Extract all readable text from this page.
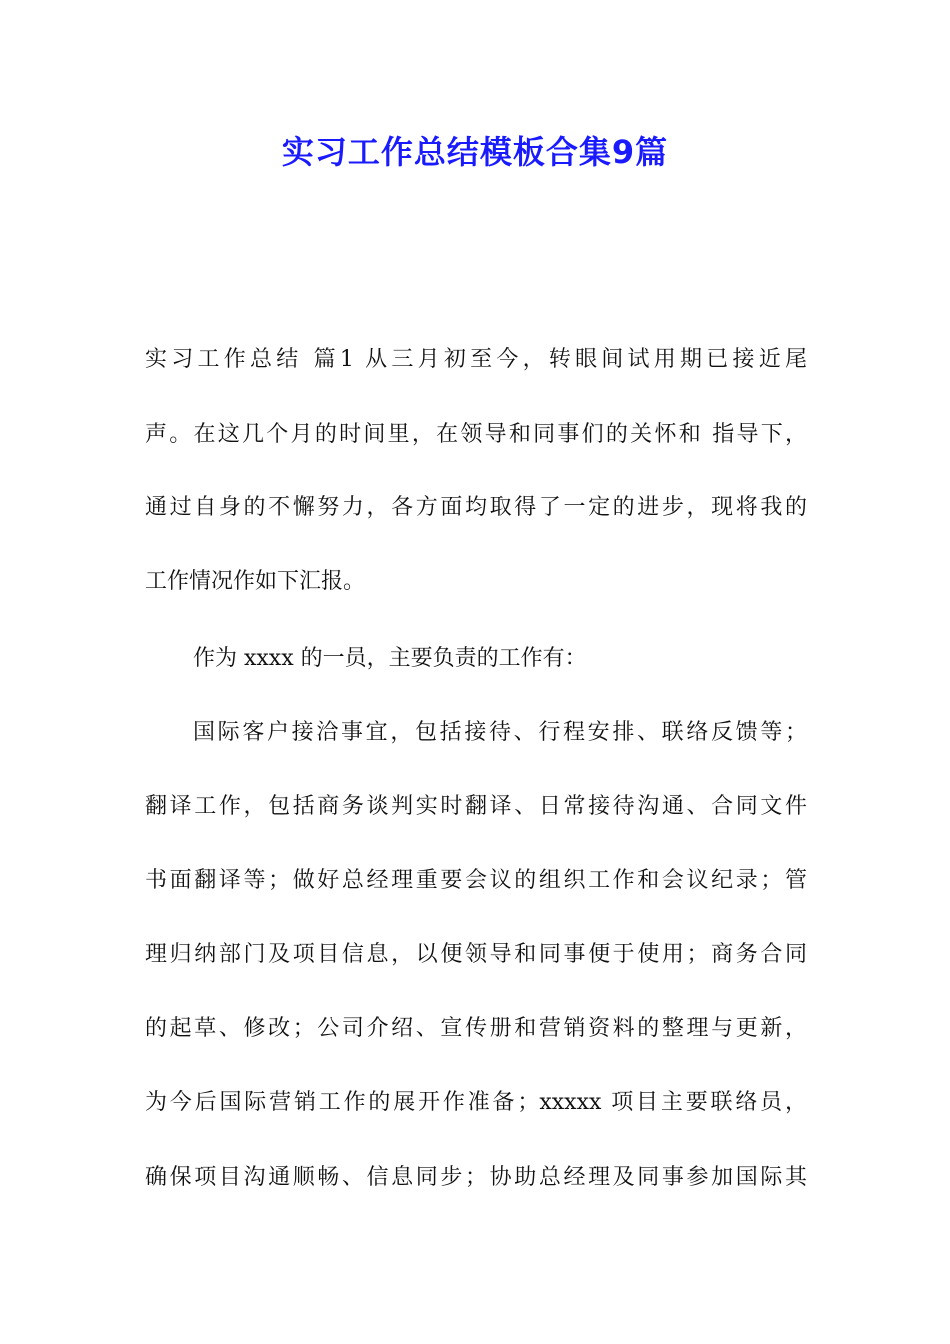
实习工作总结模板合集9篇
实习工作总结 篇1 从三月初至今，转眼间试用期已接近尾
声。在这几个月的时间里，在领导和同事们的关怀和 指导下，
通过自身的不懈努力，各方面均取得了一定的进步，现将我的
工作情况作如下汇报。
作为 xxxx 的一员，主要负责的工作有：
国际客户接洽事宜，包括接待、行程安排、联络反馈等；
翻译工作，包括商务谈判实时翻译、日常接待沟通、合同文件
书面翻译等；做好总经理重要会议的组织工作和会议纪录；管
理归纳部门及项目信息，以便领导和同事便于使用；商务合同
的起草、修改；公司介绍、宣传册和营销资料的整理与更新，
为今后国际营销工作的展开作准备；xxxxx 项目主要联络员，
确保项目沟通顺畅、信息同步；协助总经理及同事参加国际其
